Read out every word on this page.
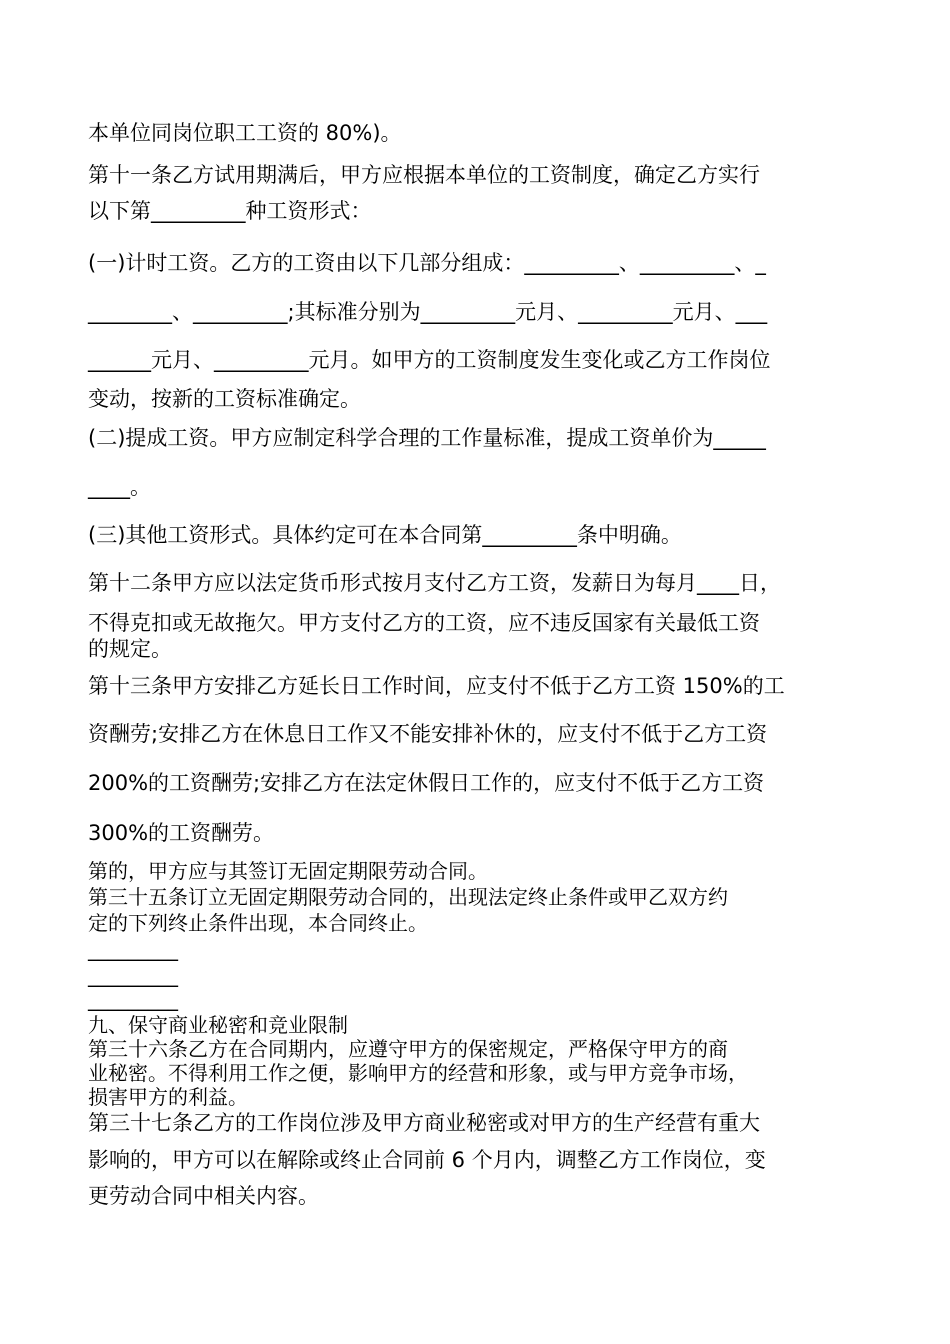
本单位同岗位职工工资的 80%)。
第十一条乙方试用期满后，甲方应根据本单位的工资制度，确定乙方实行
以下第_________种工资形式：
(一)计时工资。乙方的工资由以下几部分组成：_________、_________、_
________、_________;其标准分别为_________元月、_________元月、___
______元月、_________元月。如甲方的工资制度发生变化或乙方工作岗位
变动，按新的工资标准确定。
(二)提成工资。甲方应制定科学合理的工作量标准，提成工资单价为_____
____。
(三)其他工资形式。具体约定可在本合同第_________条中明确。
第十二条甲方应以法定货币形式按月支付乙方工资，发薪日为每月____日，
不得克扣或无故拖欠。甲方支付乙方的工资，应不违反国家有关最低工资
的规定。
第十三条甲方安排乙方延长日工作时间，应支付不低于乙方工资 150%的工
资酬劳;安排乙方在休息日工作又不能安排补休的，应支付不低于乙方工资
200%的工资酬劳;安排乙方在法定休假日工作的，应支付不低于乙方工资
300%的工资酬劳。
第的，甲方应与其签订无固定期限劳动合同。
第三十五条订立无固定期限劳动合同的，出现法定终止条件或甲乙双方约
定的下列终止条件出现，本合同终止。
_________
_________
_________
九、保守商业秘密和竞业限制
第三十六条乙方在合同期内，应遵守甲方的保密规定，严格保守甲方的商
业秘密。不得利用工作之便，影响甲方的经营和形象，或与甲方竞争市场，
损害甲方的利益。
第三十七条乙方的工作岗位涉及甲方商业秘密或对甲方的生产经营有重大
影响的，甲方可以在解除或终止合同前 6 个月内，调整乙方工作岗位，变
更劳动合同中相关内容。
